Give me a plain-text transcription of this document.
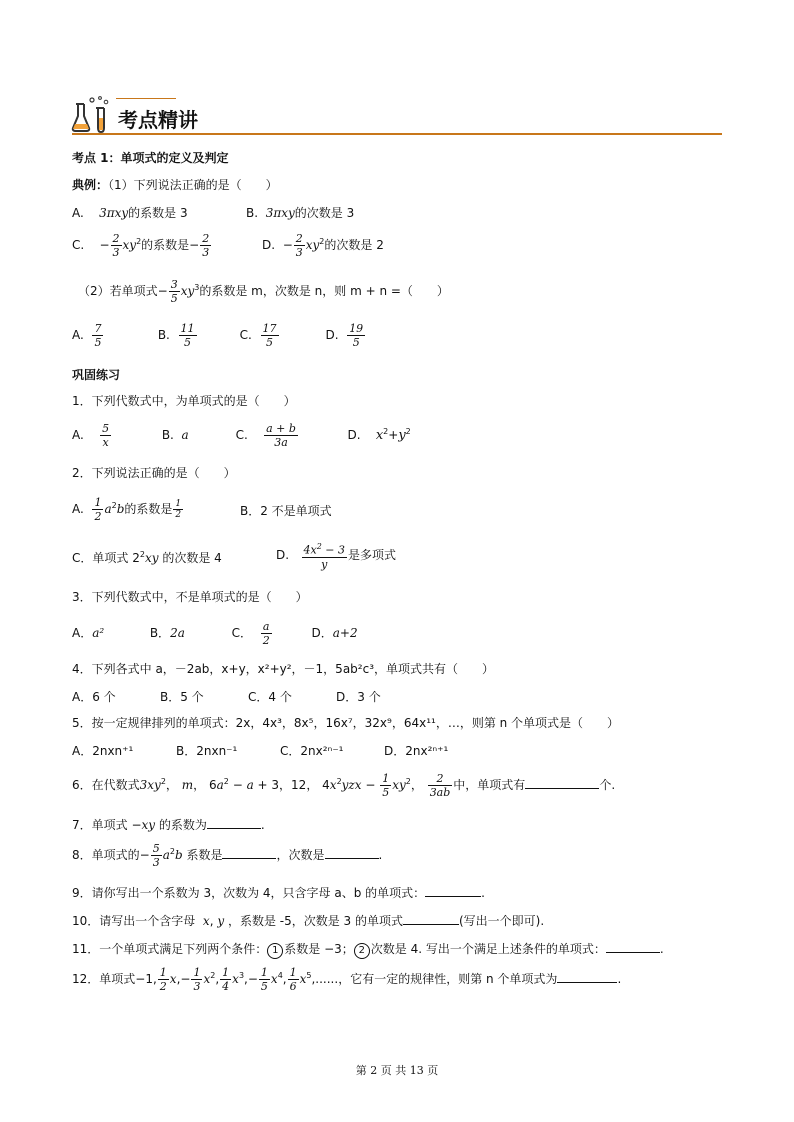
考点精讲
考点 1：单项式的定义及判定
典例：（1）下列说法正确的是（　　）
A. 3πxy的系数是 3	B. 3πxy的次数是 3
C.    − $\frac{2}{3} xy^2$的系数是− $\frac{2}{3}$	D.  − $\frac{2}{3} xy^2$的次数是 2
（2）若单项式− $\frac{3}{5} xy^3$的系数是 m，次数是 n，则 m + n =（　　）
A. $\frac{7}{5}$	B. $\frac{11}{5}$	C. $\frac{17}{5}$	D. $\frac{19}{5}$
巩固练习
1．下列代数式中，为单项式的是（　　）
A. $\frac{5}{x}$	B. a	C. $\frac{a + b}{3a}$	D. $x^2+y^2$
2．下列说法正确的是（　　）
A. $\frac{1}{2} a^2b$的系数是 $\frac{1}{2}$	B．2 不是单项式
C．单项式 $2^2xy$ 的次数是 4	D. $\frac{4x^2 - 3}{y}$ 是多项式
3．下列代数式中，不是单项式的是（　　）
A．a²	B．2a	C． $\frac{a}{2}$	D．a+2
4．下列各式中 a，－2ab，x+y，x²+y²，－1，5ab²c³，单项式共有（　　）
A．6 个	B．5 个	C．4 个	D．3 个
5．按一定规律排列的单项式：2x，4x³，8x⁵，16x⁷，32x⁹，64x¹¹，…，则第 n 个单项式是（　　）
A．2nxn⁺¹	B．2nxn⁻¹	C．2nx²ⁿ⁻¹	D．2nx²ⁿ⁺¹
6．在代数式$3xy^2$， m， $6a^2 - a + 3$，12， $4x^2yzx - \frac{1}{5} xy^2$， $\frac{2}{3ab}$ 中，单项式有	个.
7．单项式 −xy 的系数为	.
8．单项式的− $\frac{5}{3} a^2b$ 系数是	，次数是	.
9．请你写出一个系数为 3，次数为 4，只含字母 a、b 的单项式：	.
10．请写出一个含字母 x, y ，系数是 -5，次数是 3 的单项式	(写出一个即可).
11．一个单项式满足下列两个条件： 1 系数是 −3； 2 次数是 4. 写出一个满足上述条件的单项式：	.
12．单项式−1, $\frac{1}{2} x,- \frac{1}{3} x^2$, $\frac{1}{4} x^3,- \frac{1}{5} x^4$, $\frac{1}{6} x^5$,......，它有一定的规律性，则第 n 个单项式为	.
第 2 页 共 13 页
